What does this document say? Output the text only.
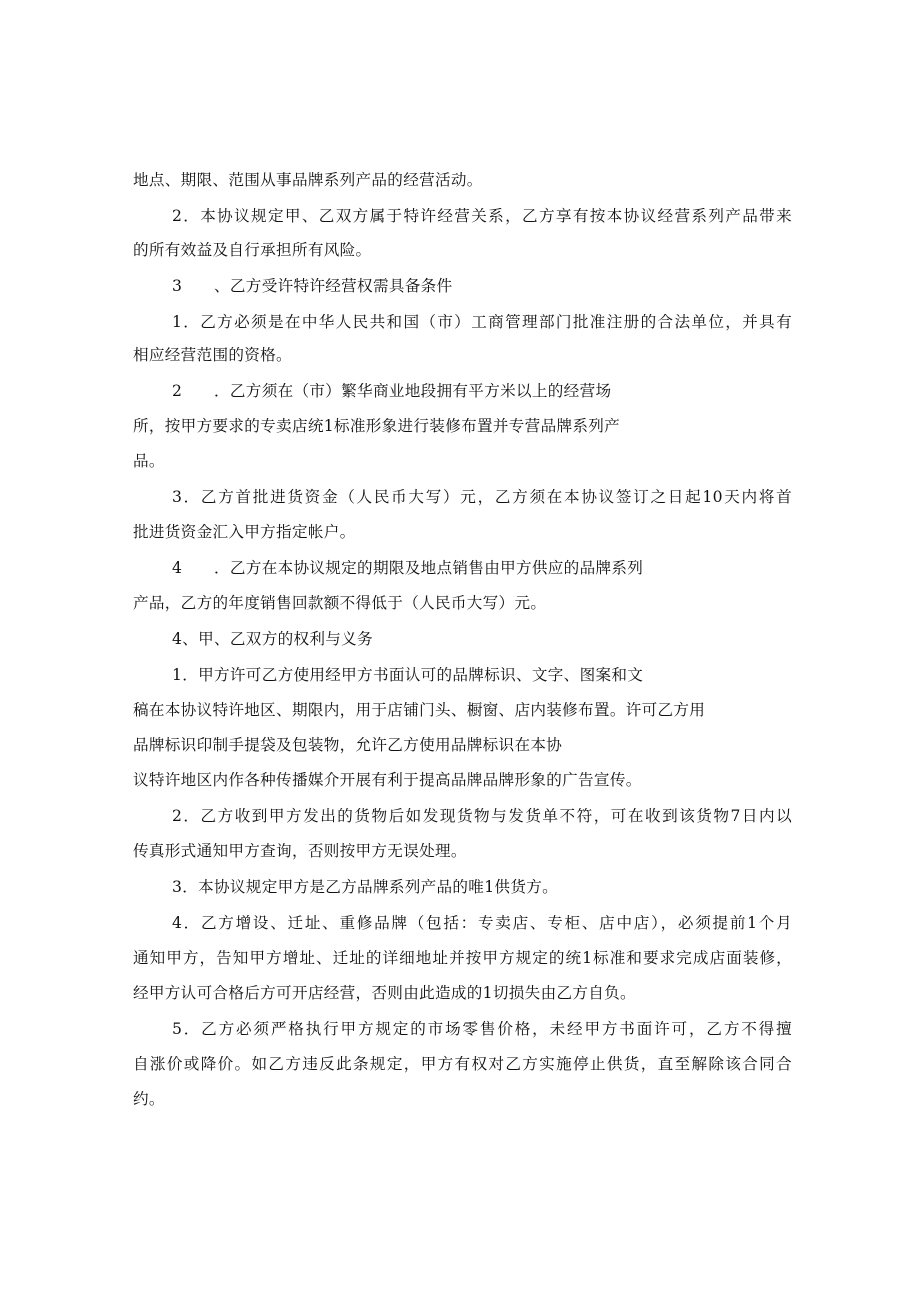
地点、期限、范围从事品牌系列产品的经营活动。
2．本协议规定甲、乙双方属于特许经营关系，乙方享有按本协议经营系列产品带来
的所有效益及自行承担所有风险。
3　　、乙方受许特许经营权需具备条件
1．乙方必须是在中华人民共和国（市）工商管理部门批准注册的合法单位，并具有
相应经营范围的资格。
2　　．乙方须在（市）繁华商业地段拥有平方米以上的经营场
所，按甲方要求的专卖店统1标准形象进行装修布置并专营品牌系列产
品。
3．乙方首批进货资金（人民币大写）元，乙方须在本协议签订之日起10天内将首
批进货资金汇入甲方指定帐户。
4　　．乙方在本协议规定的期限及地点销售由甲方供应的品牌系列
产品，乙方的年度销售回款额不得低于（人民币大写）元。
4、甲、乙双方的权利与义务
1．甲方许可乙方使用经甲方书面认可的品牌标识、文字、图案和文
稿在本协议特许地区、期限内，用于店铺门头、橱窗、店内装修布置。许可乙方用
品牌标识印制手提袋及包装物，允许乙方使用品牌标识在本协
议特许地区内作各种传播媒介开展有利于提高品牌品牌形象的广告宣传。
2．乙方收到甲方发出的货物后如发现货物与发货单不符，可在收到该货物7日内以
传真形式通知甲方查询，否则按甲方无误处理。
3．本协议规定甲方是乙方品牌系列产品的唯1供货方。
4．乙方增设、迁址、重修品牌（包括：专卖店、专柜、店中店），必须提前1个月
通知甲方，告知甲方增址、迁址的详细地址并按甲方规定的统1标准和要求完成店面装修，
经甲方认可合格后方可开店经营，否则由此造成的1切损失由乙方自负。
5．乙方必须严格执行甲方规定的市场零售价格，未经甲方书面许可，乙方不得擅
自涨价或降价。如乙方违反此条规定，甲方有权对乙方实施停止供货，直至解除该合同合
约。
